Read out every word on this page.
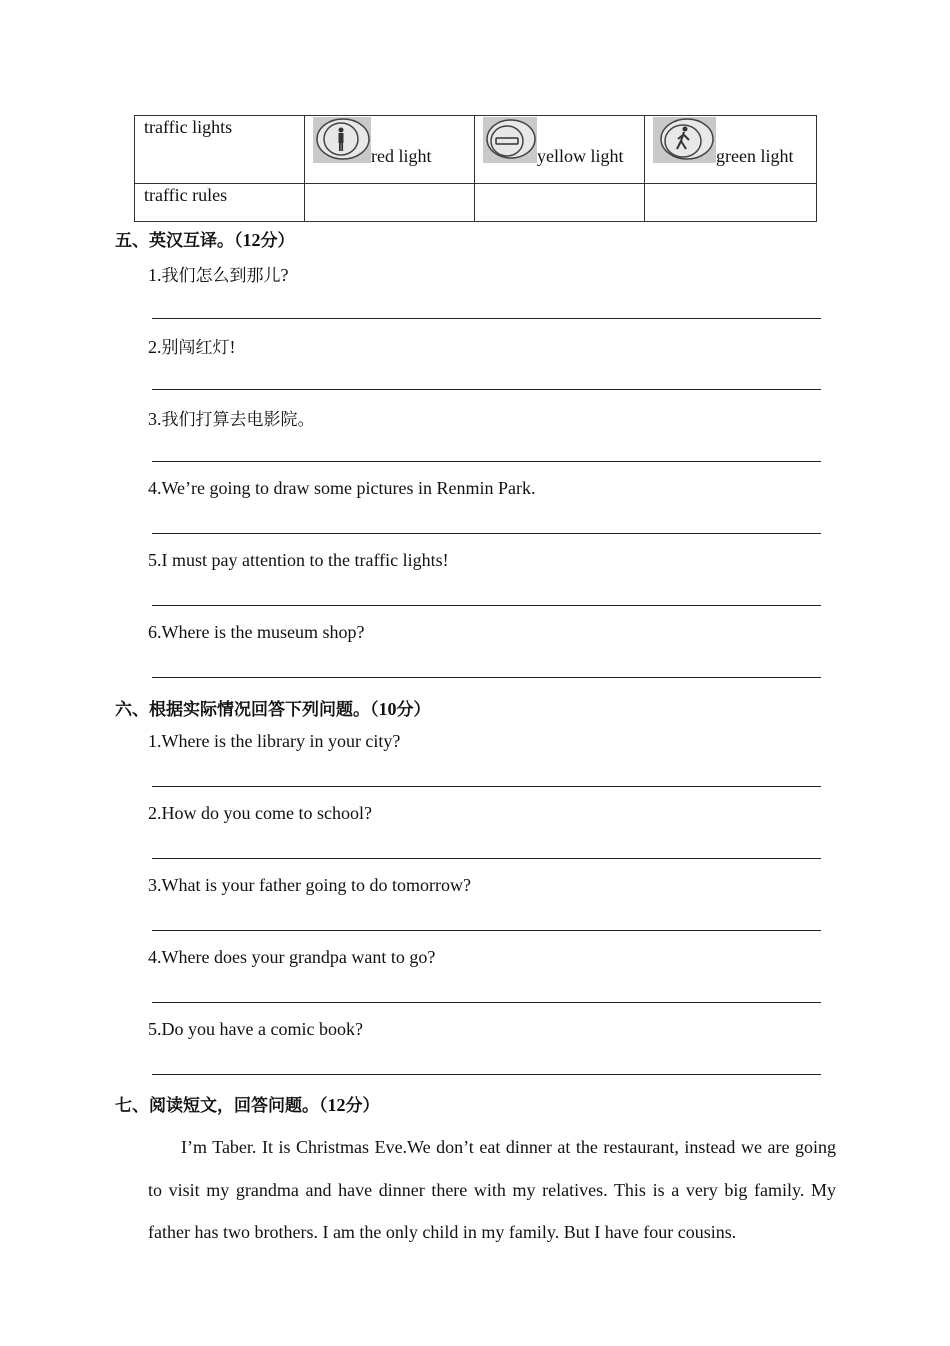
traffic lights	red light	yellow light	green light

traffic rules			

五、英汉互译。（12分）
1.我们怎么到那儿?
2.别闯红灯!
3.我们打算去电影院。
4.We’re going to draw some pictures in Renmin Park.
5.I must pay attention to the traffic lights!
6.Where is the museum shop?
六、根据实际情况回答下列问题。（10分）
1.Where is the library in your city?
2.How do you come to school?
3.What is your father going to do tomorrow?
4.Where does your grandpa want to go?
5.Do you have a comic book?
七、阅读短文，回答问题。（12分）
I’m Taber. It is Christmas Eve.We don’t eat dinner at the restaurant, instead we are going to visit my grandma and have dinner there with my relatives. This is a very big family. My father has two brothers. I am the only child in my family. But I have four cousins.
